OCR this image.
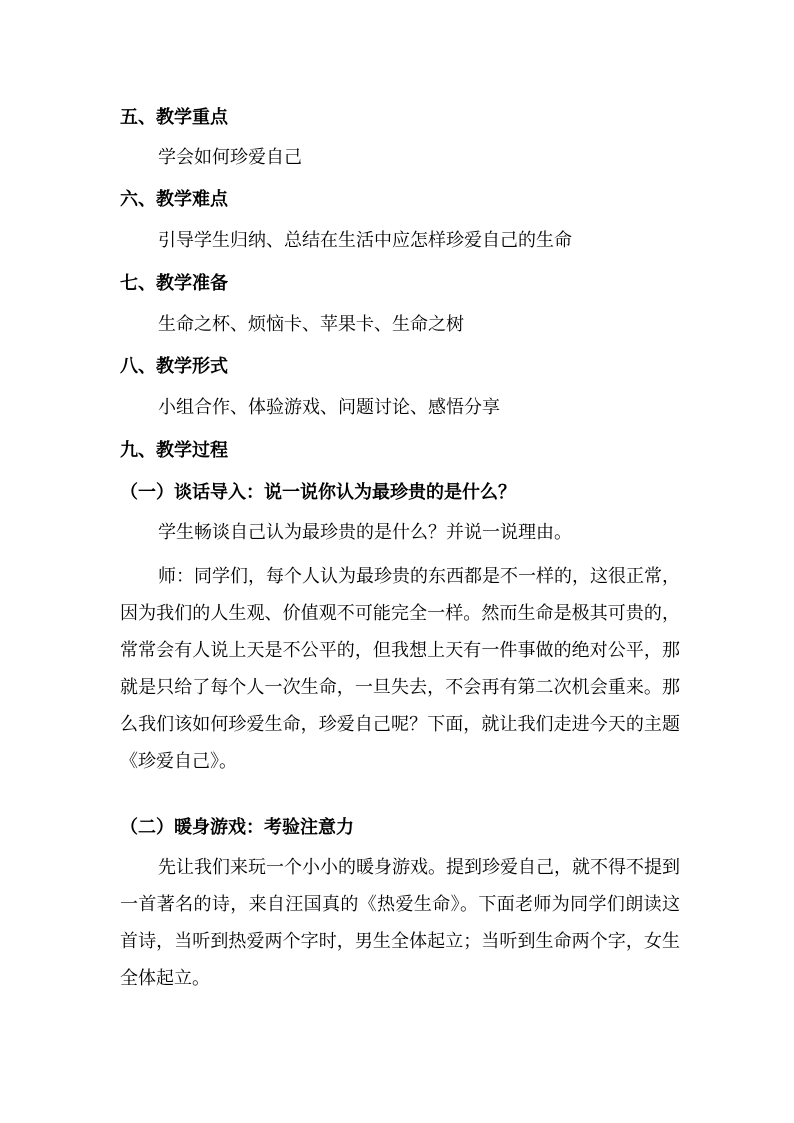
五、教学重点
学会如何珍爱自己
六、教学难点
引导学生归纳、总结在生活中应怎样珍爱自己的生命
七、教学准备
生命之杯、烦恼卡、苹果卡、生命之树
八、教学形式
小组合作、体验游戏、问题讨论、感悟分享
九、教学过程
（一）谈话导入：说一说你认为最珍贵的是什么？
学生畅谈自己认为最珍贵的是什么？并说一说理由。
师：同学们，每个人认为最珍贵的东西都是不一样的，这很正常，因为我们的人生观、价值观不可能完全一样。然而生命是极其可贵的，常常会有人说上天是不公平的，但我想上天有一件事做的绝对公平，那就是只给了每个人一次生命，一旦失去，不会再有第二次机会重来。那么我们该如何珍爱生命，珍爱自己呢？下面，就让我们走进今天的主题《珍爱自己》。
（二）暖身游戏：考验注意力
先让我们来玩一个小小的暖身游戏。提到珍爱自己，就不得不提到一首著名的诗，来自汪国真的《热爱生命》。下面老师为同学们朗读这首诗，当听到热爱两个字时，男生全体起立；当听到生命两个字，女生全体起立。
